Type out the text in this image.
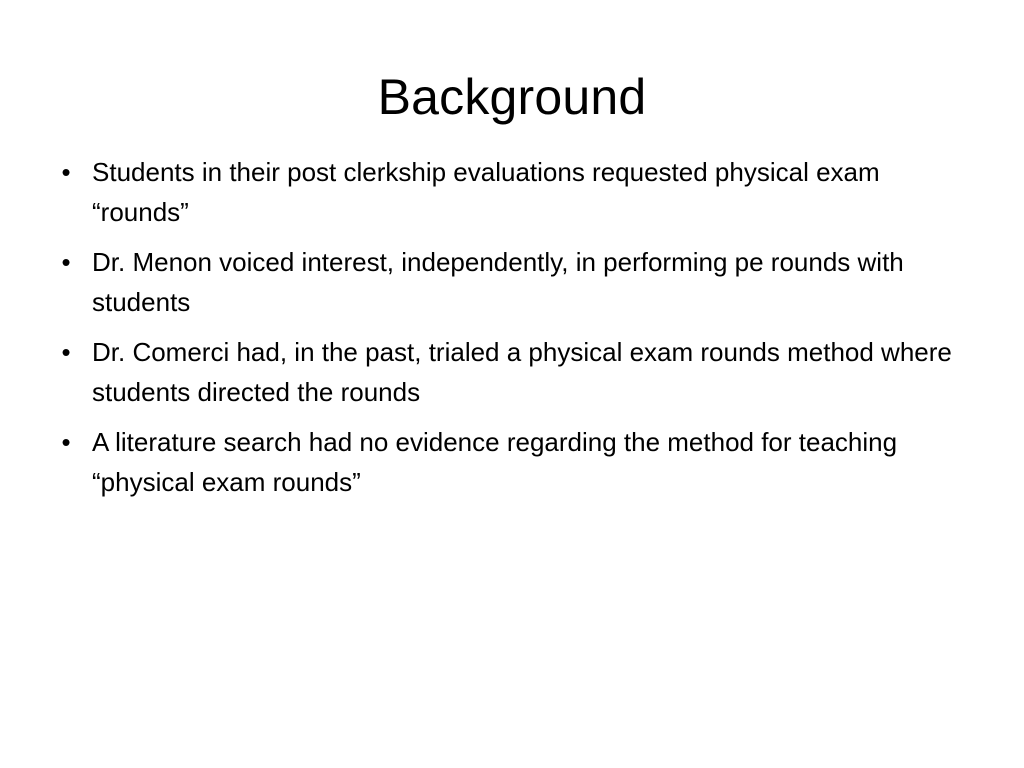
Background
• Students in their post clerkship evaluations requested physical exam “rounds”
• Dr. Menon voiced interest, independently, in performing pe rounds with students
• Dr. Comerci had, in the past, trialed a physical exam rounds method where students directed the rounds
• A literature search had no evidence regarding the method for teaching “physical exam rounds”
